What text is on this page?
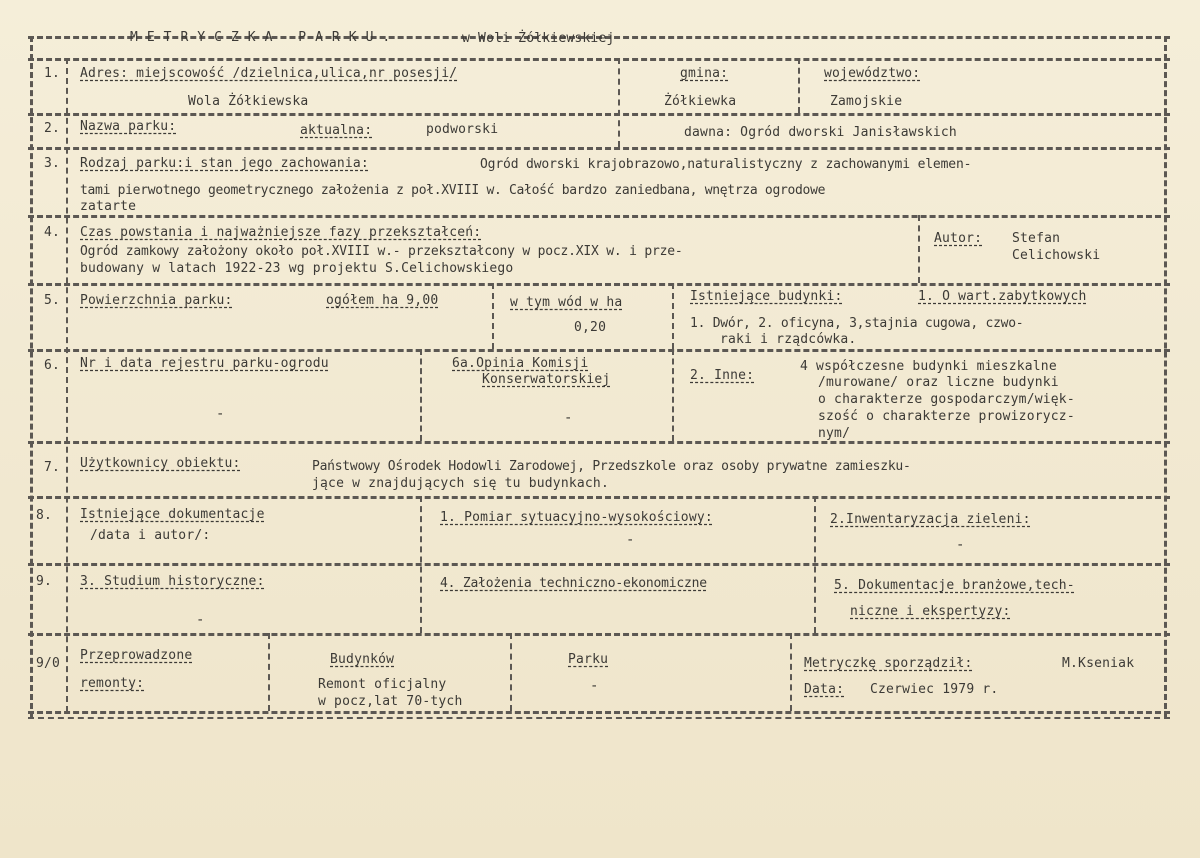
METRYCZKA PARKU.	w Woli Żółkiewskiej
1. Adres: miejscowość /dzielnica,ulica,nr posesji/
Wola Żółkiewska
gmina:
Żółkiewka
województwo:
Zamojskie
2. Nazwa parku:	aktualna:	podworski	dawna: Ogród dworski Janisławskich
3. Rodzaj parku:i stan jego zachowania:	Ogród dworski krajobrazowo,naturalistyczny z zachowanymi elemen-
tami pierwotnego geometrycznego założenia z poł.XVIII w. Całość bardzo zaniedbana, wnętrza ogrodowe
zatarte
4. Czas powstania i najważniejsze fazy przekształceń:
Ogród zamkowy założony około poł.XVIII w.- przekształcony w pocz.XIX w. i prze-
budowany w latach 1922-23 wg projektu S.Celichowskiego
Autor: Stefan
Celichowski
5. Powierzchnia parku:	ogółem ha 9,00	w tym wód w ha
0,20
Istniejące budynki:	1. O wart.zabytkowych
1. Dwór, 2. oficyna, 3,stajnia cugowa, czwo-
raki i rządcówka.
6. Nr i data rejestru parku-ogrodu
-
6a.Opinia Komisji
Konserwatorskiej
-
2. Inne:
4 współczesne budynki mieszkalne
/murowane/ oraz liczne budynki
o charakterze gospodarczym/więk-
szość o charakterze prowizorycz-
nym/
7. Użytkownicy obiektu:	Państwowy Ośrodek Hodowli Zarodowej, Przedszkole oraz osoby prywatne zamieszku-
jące w znajdujących się tu budynkach.
8. Istniejące dokumentacje
/data i autor/:
1. Pomiar sytuacyjno-wysokościowy:
-
2.Inwentaryzacja zieleni:
-
9. 3. Studium historyczne:
-
4. Założenia techniczno-ekonomiczne	5. Dokumentacje branżowe,tech-
niczne i ekspertyzy:
-
9/0
Przeprowadzone
remonty:
Budynków
Remont oficjalny
w pocz,lat 70-tych
Parku
-
Metryczkę sporządził:	M.Kseniak
Data: Czerwiec 1979 r.
